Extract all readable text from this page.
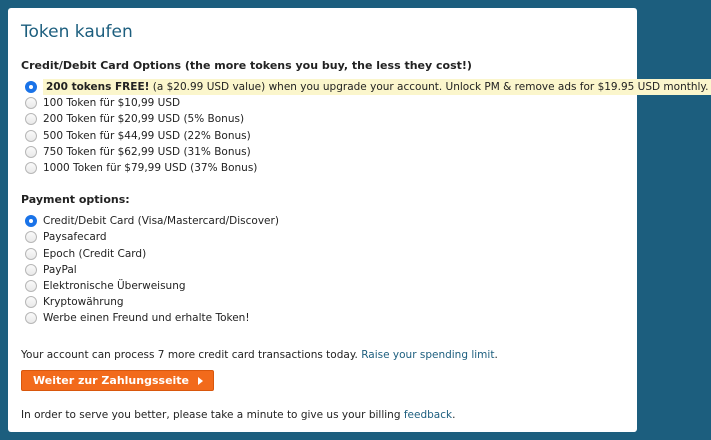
Token kaufen
Credit/Debit Card Options (the more tokens you buy, the less they cost!)
200 tokens FREE! (a $20.99 USD value) when you upgrade your account. Unlock PM & remove ads for $19.95 USD monthly.
100 Token für $10,99 USD
200 Token für $20,99 USD (5% Bonus)
500 Token für $44,99 USD (22% Bonus)
750 Token für $62,99 USD (31% Bonus)
1000 Token für $79,99 USD (37% Bonus)
Payment options:
Credit/Debit Card (Visa/Mastercard/Discover)
Paysafecard
Epoch (Credit Card)
PayPal
Elektronische Überweisung
Kryptowährung
Werbe einen Freund und erhalte Token!

Your account can process 7 more credit card transactions today. Raise your spending limit.

Weiter zur Zahlungsseite

In order to serve you better, please take a minute to give us your billing feedback.
